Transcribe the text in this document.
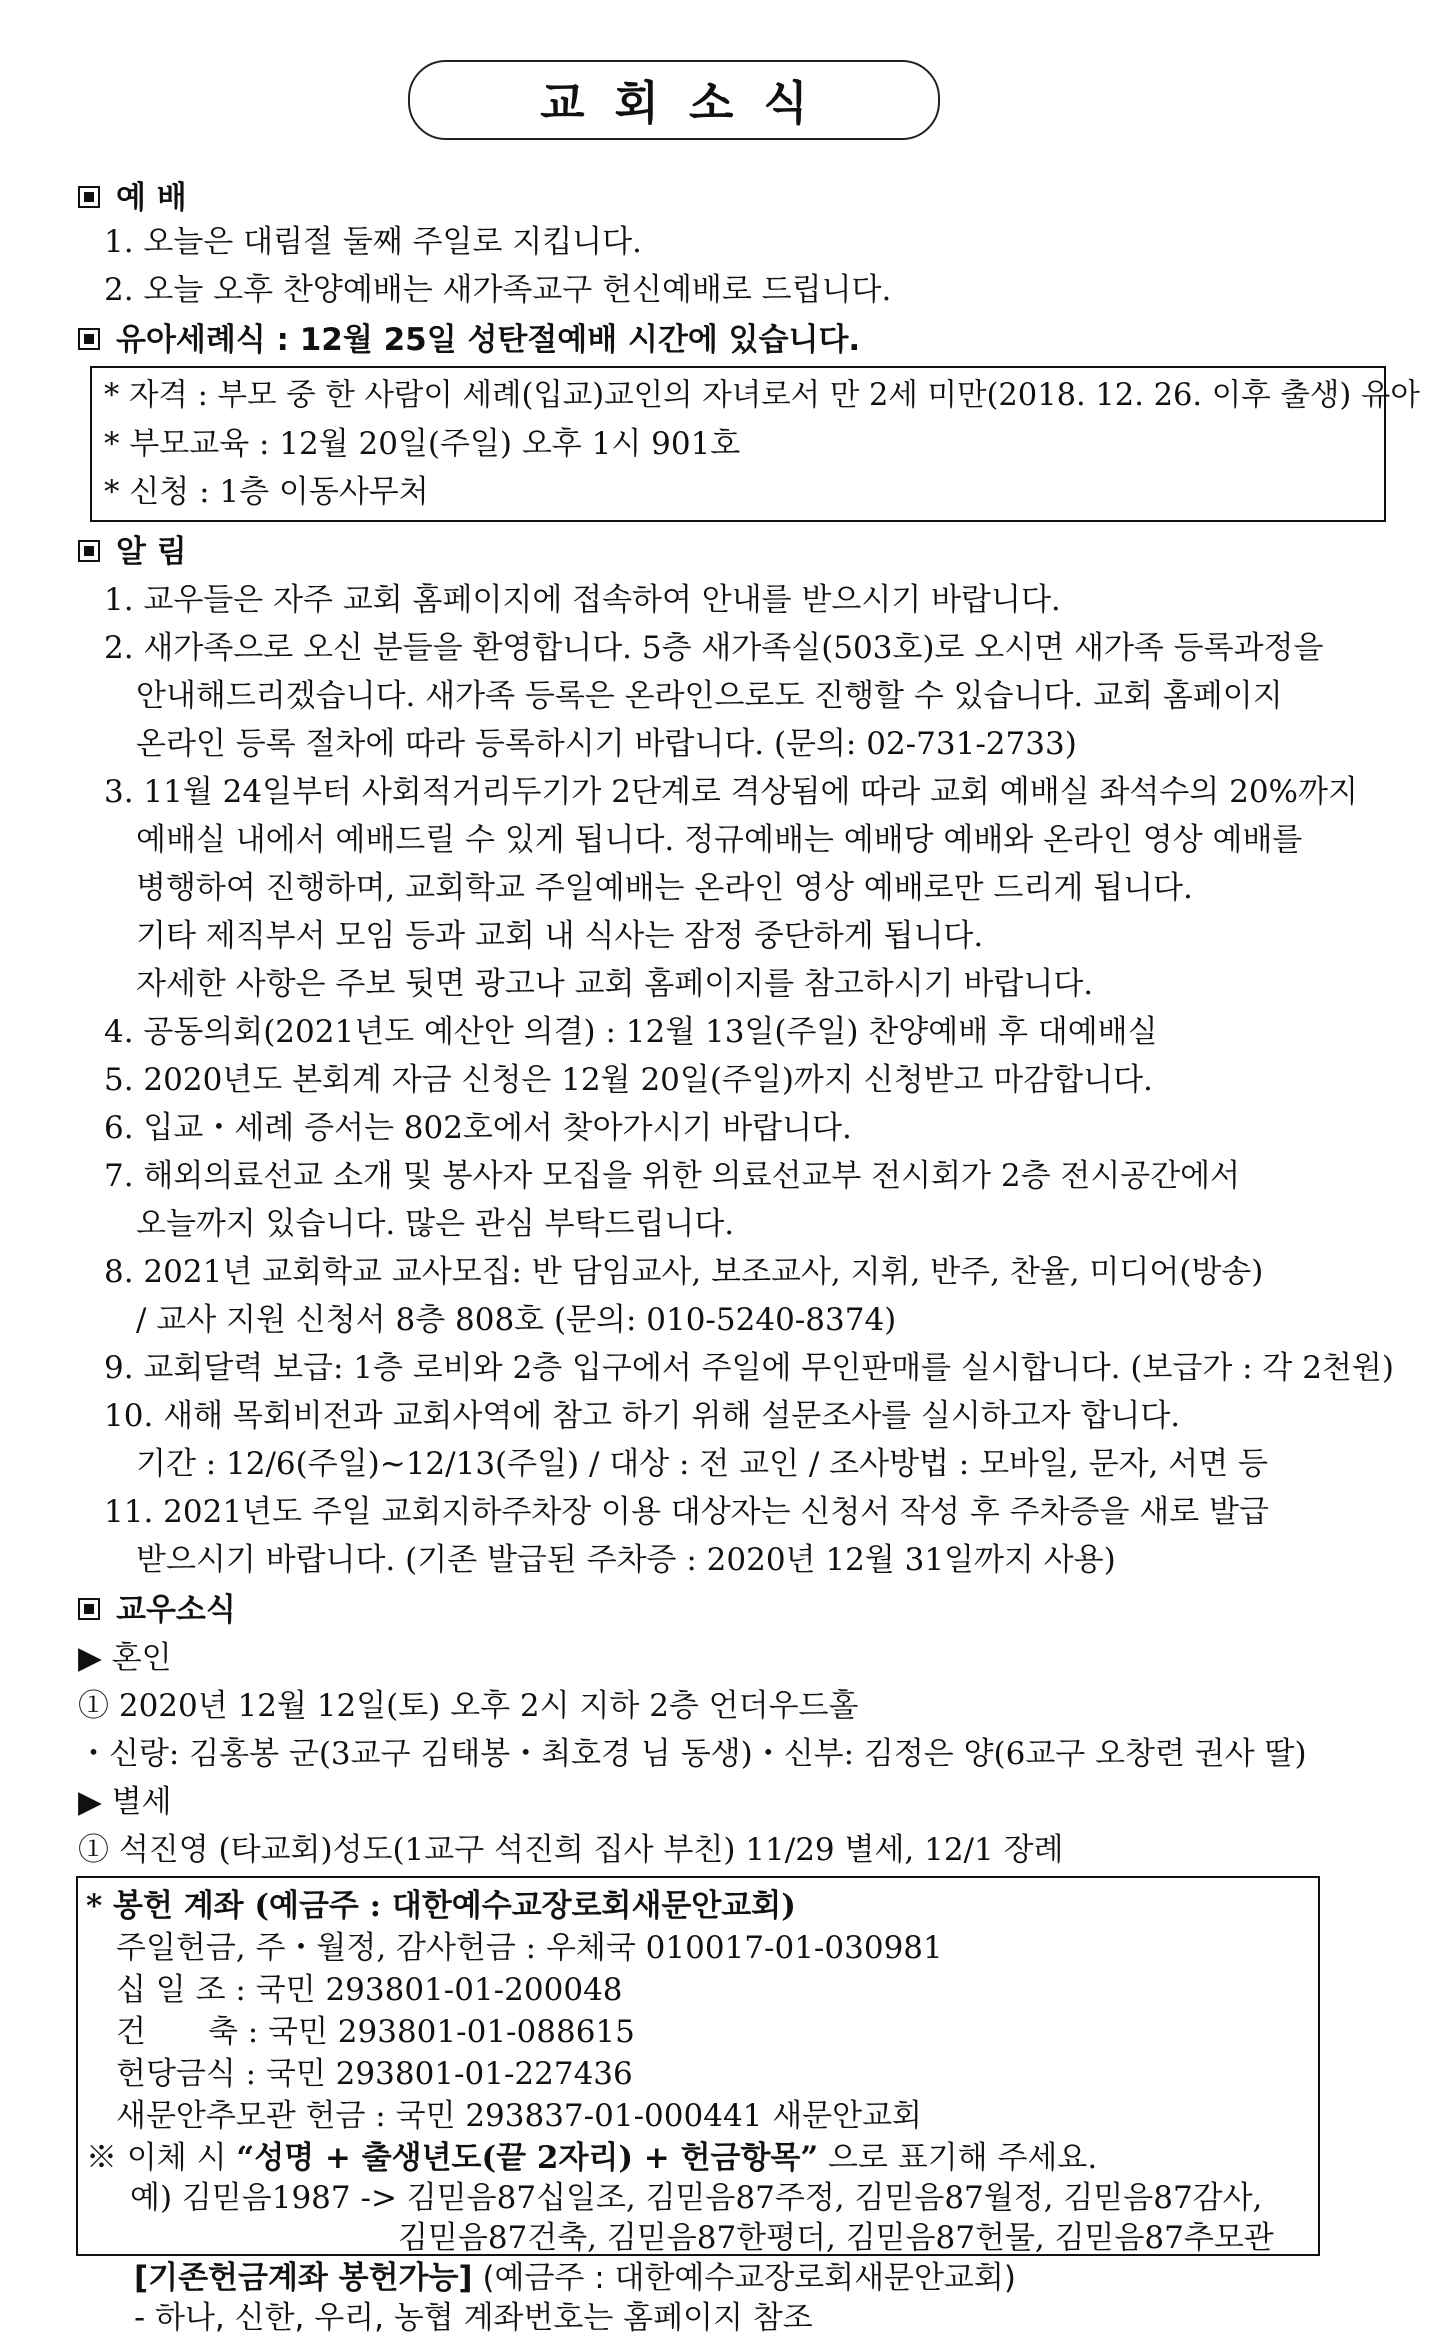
교회소식
예 배
1. 오늘은 대림절 둘째 주일로 지킵니다.
2. 오늘 오후 찬양예배는 새가족교구 헌신예배로 드립니다.
유아세례식 : 12월 25일 성탄절예배 시간에 있습니다.
* 자격 : 부모 중 한 사람이 세례(입교)교인의 자녀로서 만 2세 미만(2018. 12. 26. 이후 출생) 유아
* 부모교육 : 12월 20일(주일) 오후 1시 901호
* 신청 : 1층 이동사무처
알 림
1. 교우들은 자주 교회 홈페이지에 접속하여 안내를 받으시기 바랍니다.
2. 새가족으로 오신 분들을 환영합니다. 5층 새가족실(503호)로 오시면 새가족 등록과정을
안내해드리겠습니다. 새가족 등록은 온라인으로도 진행할 수 있습니다. 교회 홈페이지
온라인 등록 절차에 따라 등록하시기 바랍니다. (문의: 02-731-2733)
3. 11월 24일부터 사회적거리두기가 2단계로 격상됨에 따라 교회 예배실 좌석수의 20%까지
예배실 내에서 예배드릴 수 있게 됩니다. 정규예배는 예배당 예배와 온라인 영상 예배를
병행하여 진행하며, 교회학교 주일예배는 온라인 영상 예배로만 드리게 됩니다.
기타 제직부서 모임 등과 교회 내 식사는 잠정 중단하게 됩니다.
자세한 사항은 주보 뒷면 광고나 교회 홈페이지를 참고하시기 바랍니다.
4. 공동의회(2021년도 예산안 의결) : 12월 13일(주일) 찬양예배 후 대예배실
5. 2020년도 본회계 자금 신청은 12월 20일(주일)까지 신청받고 마감합니다.
6. 입교・세례 증서는 802호에서 찾아가시기 바랍니다.
7. 해외의료선교 소개 및 봉사자 모집을 위한 의료선교부 전시회가 2층 전시공간에서
오늘까지 있습니다. 많은 관심 부탁드립니다.
8. 2021년 교회학교 교사모집: 반 담임교사, 보조교사, 지휘, 반주, 찬율, 미디어(방송)
/ 교사 지원 신청서 8층 808호 (문의: 010-5240-8374)
9. 교회달력 보급: 1층 로비와 2층 입구에서 주일에 무인판매를 실시합니다. (보급가 : 각 2천원)
10. 새해 목회비전과 교회사역에 참고 하기 위해 설문조사를 실시하고자 합니다.
기간 : 12/6(주일)~12/13(주일) / 대상 : 전 교인 / 조사방법 : 모바일, 문자, 서면 등
11. 2021년도 주일 교회지하주차장 이용 대상자는 신청서 작성 후 주차증을 새로 발급
받으시기 바랍니다. (기존 발급된 주차증 : 2020년 12월 31일까지 사용)
교우소식
▶ 혼인
① 2020년 12월 12일(토) 오후 2시 지하 2층 언더우드홀
・신랑: 김홍봉 군(3교구 김태봉・최호경 님 동생)・신부: 김정은 양(6교구 오창련 권사 딸)
▶ 별세
① 석진영 (타교회)성도(1교구 석진희 집사 부친) 11/29 별세, 12/1 장례
* 봉헌 계좌 (예금주 : 대한예수교장로회새문안교회)
주일헌금, 주・월정, 감사헌금 : 우체국 010017-01-030981
십 일 조 : 국민 293801-01-200048
건　　축 : 국민 293801-01-088615
헌당금식 : 국민 293801-01-227436
새문안추모관 헌금 : 국민 293837-01-000441 새문안교회
※ 이체 시 “성명 + 출생년도(끝 2자리) + 헌금항목” 으로 표기해 주세요.
예) 김믿음1987 -> 김믿음87십일조, 김믿음87주정, 김믿음87월정, 김믿음87감사,
김믿음87건축, 김믿음87한평더, 김믿음87헌물, 김믿음87추모관
[기존헌금계좌 봉헌가능] (예금주 : 대한예수교장로회새문안교회)
- 하나, 신한, 우리, 농협 계좌번호는 홈페이지 참조
